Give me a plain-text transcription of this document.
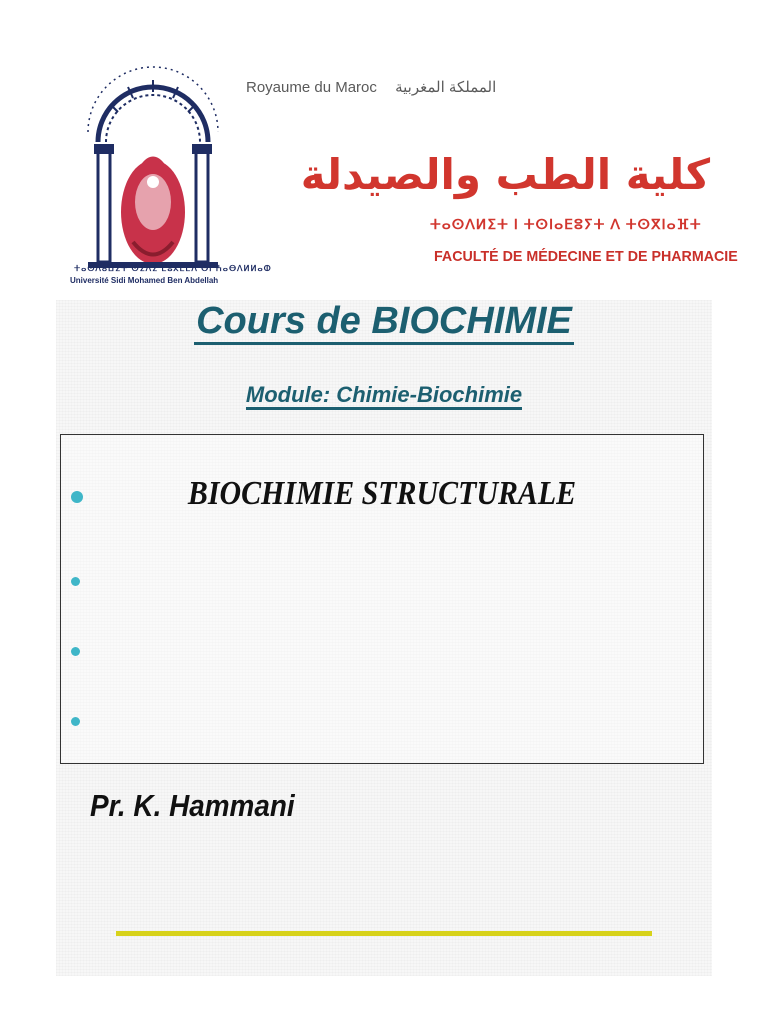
ⵜⴰⵙⴷⴰⵡⵉⵜ ⵙⵉⴷⵉ ⵎⵓⵃⵎⵎⴷ ⴱⵏ ⵄⴰⴱⴷⵍⵍⴰⵀ
Université Sidi Mohamed Ben Abdellah
Royaume du Maroc المملكة المغربية
كلية الطب والصيدلة
ⵜⴰⵙⴷⵍⵉⵜ ⵏ ⵜⵙⵏⴰⴹⵓⵢⵜ ⴷ ⵜⵙⴳⵏⴰⴼⵜ
FACULTÉ DE MÉDECINE ET DE PHARMACIE
Cours de BIOCHIMIE
Module: Chimie-Biochimie
BIOCHIMIE STRUCTURALE
Pr. K. Hammani
